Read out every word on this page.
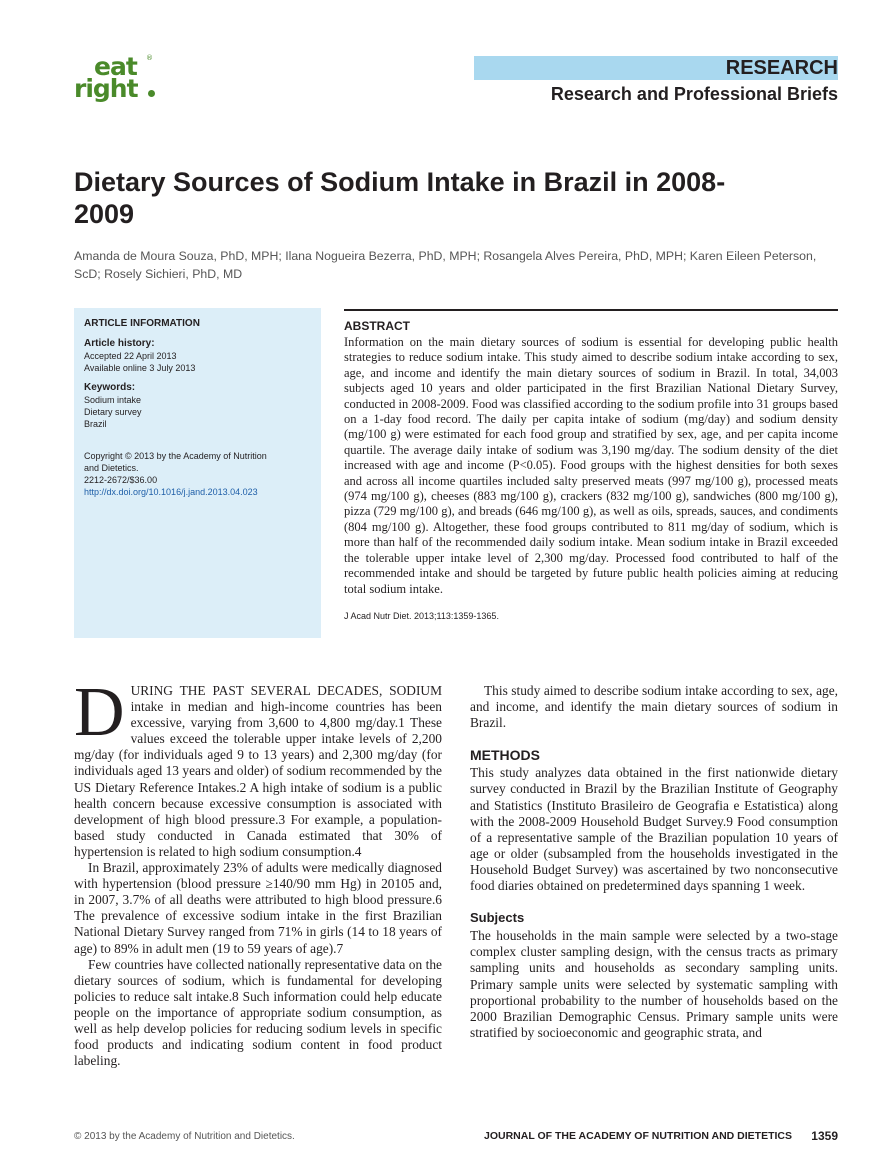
eat ®
right
RESEARCH
Research and Professional Briefs
Dietary Sources of Sodium Intake in Brazil in 2008-2009
Amanda de Moura Souza, PhD, MPH; Ilana Nogueira Bezerra, PhD, MPH; Rosangela Alves Pereira, PhD, MPH; Karen Eileen Peterson, ScD; Rosely Sichieri, PhD, MD
ARTICLE INFORMATION
Article history:
Accepted 22 April 2013
Available online 3 July 2013
Keywords:
Sodium intake
Dietary survey
Brazil
Copyright © 2013 by the Academy of Nutrition
and Dietetics.
2212-2672/$36.00
http://dx.doi.org/10.1016/j.jand.2013.04.023
ABSTRACT

Information on the main dietary sources of sodium is essential for developing public health strategies to reduce sodium intake. This study aimed to describe sodium intake according to sex, age, and income and identify the main dietary sources of sodium in Brazil. In total, 34,003 subjects aged 10 years and older participated in the first Brazilian National Dietary Survey, conducted in 2008-2009. Food was classified according to the sodium profile into 31 groups based on a 1-day food record. The daily per capita intake of sodium (mg/day) and sodium density (mg/100 g) were estimated for each food group and stratified by sex, age, and per capita income quartile. The average daily intake of sodium was 3,190 mg/day. The sodium density of the diet increased with age and income (P<0.05). Food groups with the highest densities for both sexes and across all income quartiles included salty preserved meats (997 mg/100 g), processed meats (974 mg/100 g), cheeses (883 mg/100 g), crackers (832 mg/100 g), sandwiches (800 mg/100 g), pizza (729 mg/100 g), and breads (646 mg/100 g), as well as oils, spreads, sauces, and condiments (804 mg/100 g). Altogether, these food groups contributed to 811 mg/day of sodium, which is more than half of the recommended daily sodium intake. Mean sodium intake in Brazil exceeded the tolerable upper intake level of 2,300 mg/day. Processed food contributed to half of the recommended intake and should be targeted by future public health policies aiming at reducing total sodium intake.

J Acad Nutr Diet. 2013;113:1359-1365.

DURING THE PAST SEVERAL DECADES, SODIUM intake in median and high-income countries has been excessive, varying from 3,600 to 4,800 mg/day.1 These values exceed the tolerable upper intake levels of 2,200 mg/day (for individuals aged 9 to 13 years) and 2,300 mg/day (for individuals aged 13 years and older) of sodium recommended by the US Dietary Reference Intakes.2 A high intake of sodium is a public health concern because excessive consumption is associated with development of high blood pressure.3 For example, a population-based study conducted in Canada estimated that 30% of hypertension is related to high sodium consumption.4

In Brazil, approximately 23% of adults were medically diagnosed with hypertension (blood pressure ≥140/90 mm Hg) in 20105 and, in 2007, 3.7% of all deaths were attributed to high blood pressure.6 The prevalence of excessive sodium intake in the first Brazilian National Dietary Survey ranged from 71% in girls (14 to 18 years of age) to 89% in adult men (19 to 59 years of age).7

Few countries have collected nationally representative data on the dietary sources of sodium, which is fundamental for developing policies to reduce salt intake.8 Such information could help educate people on the importance of appropriate sodium consumption, as well as help develop policies for reducing sodium levels in specific food products and indicating sodium content in food product labeling.

This study aimed to describe sodium intake according to sex, age, and income, and identify the main dietary sources of sodium in Brazil.

METHODS

This study analyzes data obtained in the first nationwide dietary survey conducted in Brazil by the Brazilian Institute of Geography and Statistics (Instituto Brasileiro de Geografia e Estatistica) along with the 2008-2009 Household Budget Survey.9 Food consumption of a representative sample of the Brazilian population 10 years of age or older (subsampled from the households investigated in the Household Budget Survey) was ascertained by two nonconsecutive food diaries obtained on predetermined days spanning 1 week.

Subjects

The households in the main sample were selected by a two-stage complex cluster sampling design, with the census tracts as primary sampling units and households as secondary sampling units. Primary sample units were selected by systematic sampling with proportional probability to the number of households based on the 2000 Brazilian Demographic Census. Primary sample units were stratified by socioeconomic and geographic strata, and

© 2013 by the Academy of Nutrition and Dietetics.	JOURNAL OF THE ACADEMY OF NUTRITION AND DIETETICS 1359
